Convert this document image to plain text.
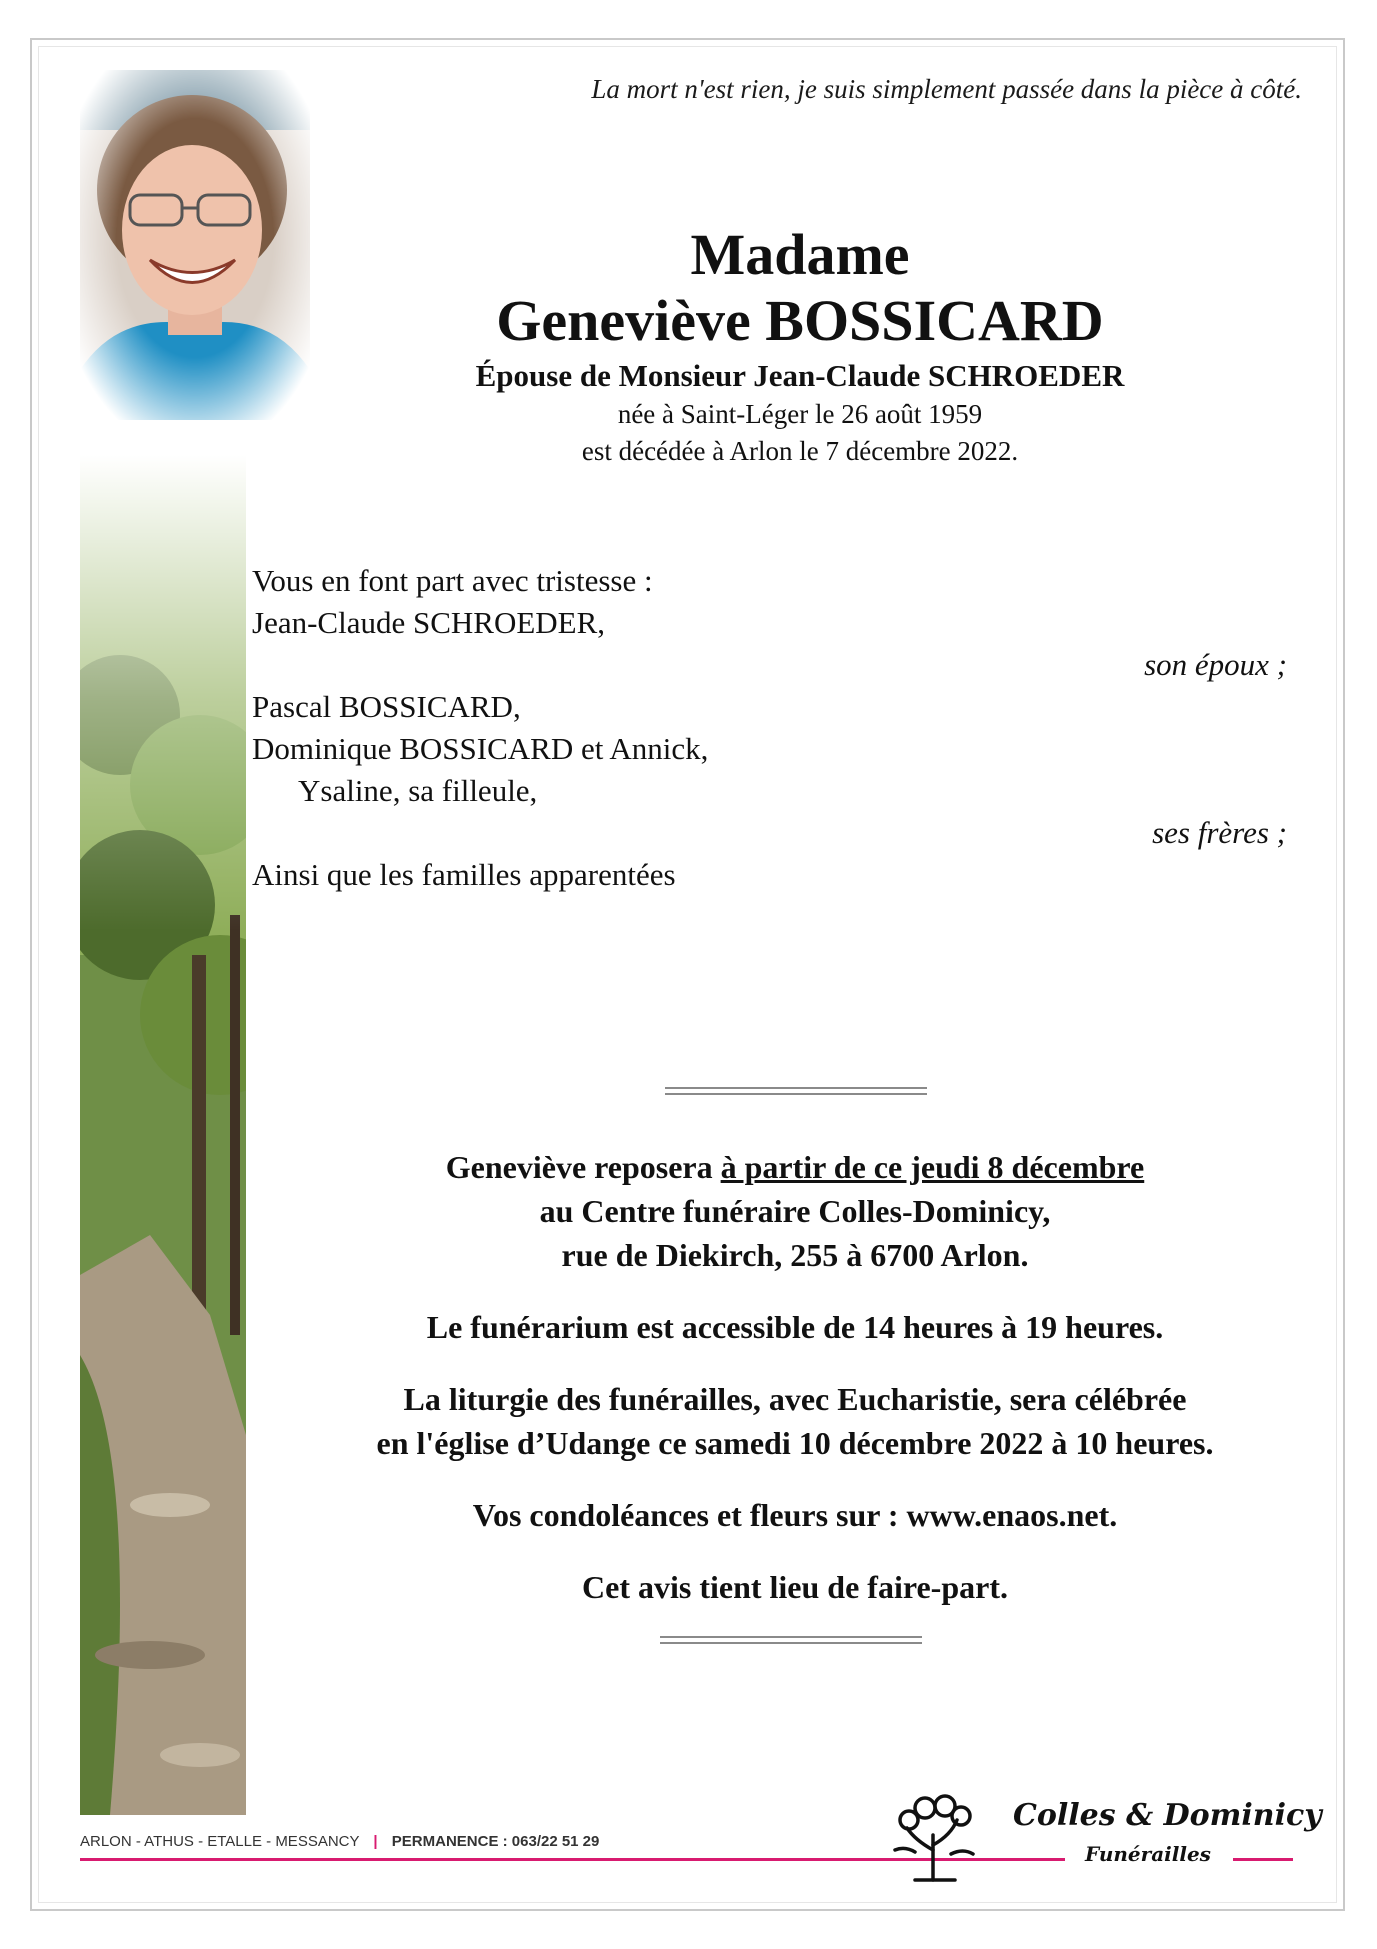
La mort n'est rien, je suis simplement passée dans la pièce à côté.
Madame
Geneviève BOSSICARD
Épouse de Monsieur Jean-Claude SCHROEDER
née à Saint-Léger le 26 août 1959
est décédée à Arlon le 7 décembre 2022.
Vous en font part avec tristesse :
Jean-Claude SCHROEDER,
son époux ;
Pascal BOSSICARD,
Dominique BOSSICARD et Annick,
Ysaline, sa filleule,
ses frères ;
Ainsi que les familles apparentées

Geneviève reposera à partir de ce jeudi 8 décembre
au Centre funéraire Colles-Dominicy,
rue de Diekirch, 255 à 6700 Arlon.

Le funérarium est accessible de 14 heures à 19 heures.

La liturgie des funérailles, avec Eucharistie, sera célébrée
en l'église d’Udange ce samedi 10 décembre 2022 à 10 heures.

Vos condoléances et fleurs sur : www.enaos.net.

Cet avis tient lieu de faire-part.

ARLON - ATHUS - ETALLE - MESSANCY | PERMANENCE : 063/22 51 29
Colles & Dominicy
Funérailles
